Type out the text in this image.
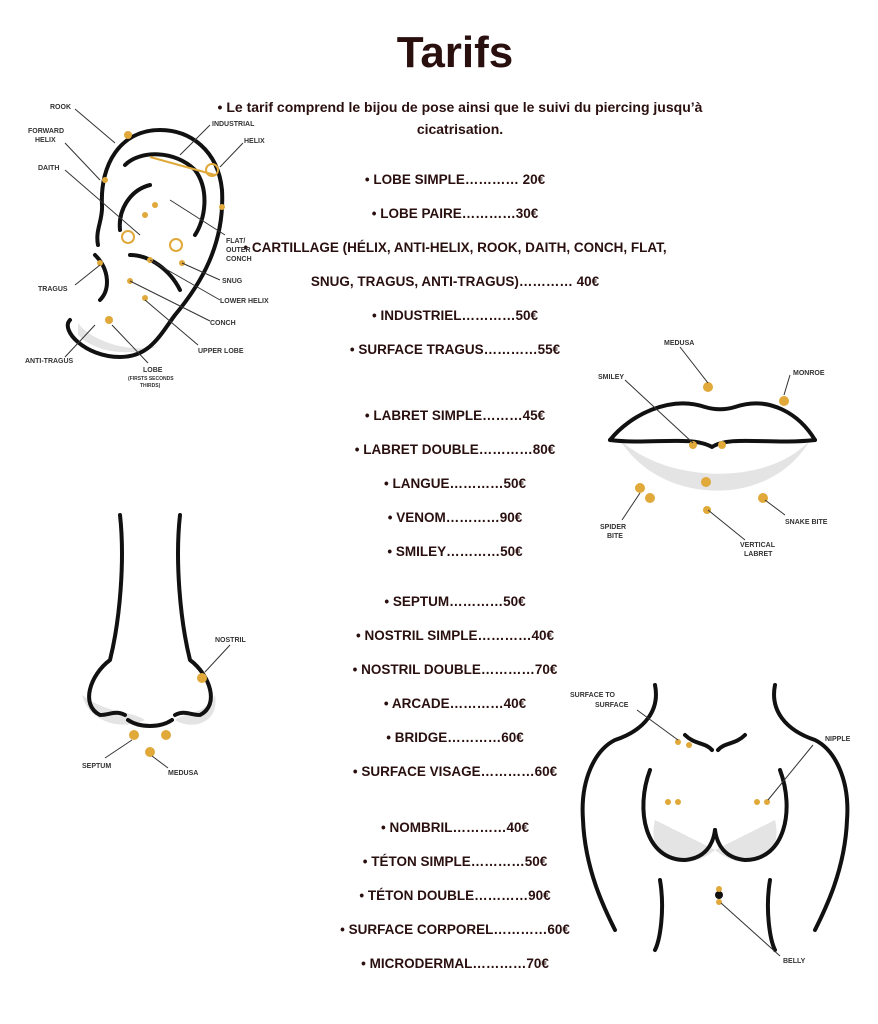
Tarifs
• Le tarif comprend le bijou de pose ainsi que le suivi du piercing jusqu’à
cicatrisation.
• LOBE SIMPLE………… 20€
• LOBE PAIRE…………30€
• CARTILLAGE (HÉLIX, ANTI-HELIX, ROOK, DAITH, CONCH, FLAT,
SNUG, TRAGUS, ANTI-TRAGUS)………… 40€
• INDUSTRIEL…………50€
• SURFACE TRAGUS…………55€
• LABRET SIMPLE………45€
• LABRET DOUBLE…………80€
• LANGUE…………50€
• VENOM…………90€
• SMILEY…………50€
• SEPTUM…………50€
• NOSTRIL SIMPLE…………40€
• NOSTRIL DOUBLE…………70€
• ARCADE…………40€
• BRIDGE…………60€
• SURFACE VISAGE…………60€
• NOMBRIL…………40€
• TÉTON SIMPLE…………50€
• TÉTON DOUBLE…………90€
• SURFACE CORPOREL…………60€
• MICRODERMAL…………70€
ROOK
FORWARD
HELIX
DAITH
TRAGUS
ANTI-TRAGUS
INDUSTRIAL
HELIX
FLAT/
OUTER
CONCH
SNUG
LOWER HELIX
CONCH
UPPER LOBE
LOBE
(FIRSTS SECONDS
THIRDS)
MEDUSA
MONROE
SMILEY
SPIDER
BITE
VERTICAL
LABRET
SNAKE BITE
NOSTRIL
SEPTUM
MEDUSA
SURFACE TO
SURFACE
NIPPLE
BELLY
